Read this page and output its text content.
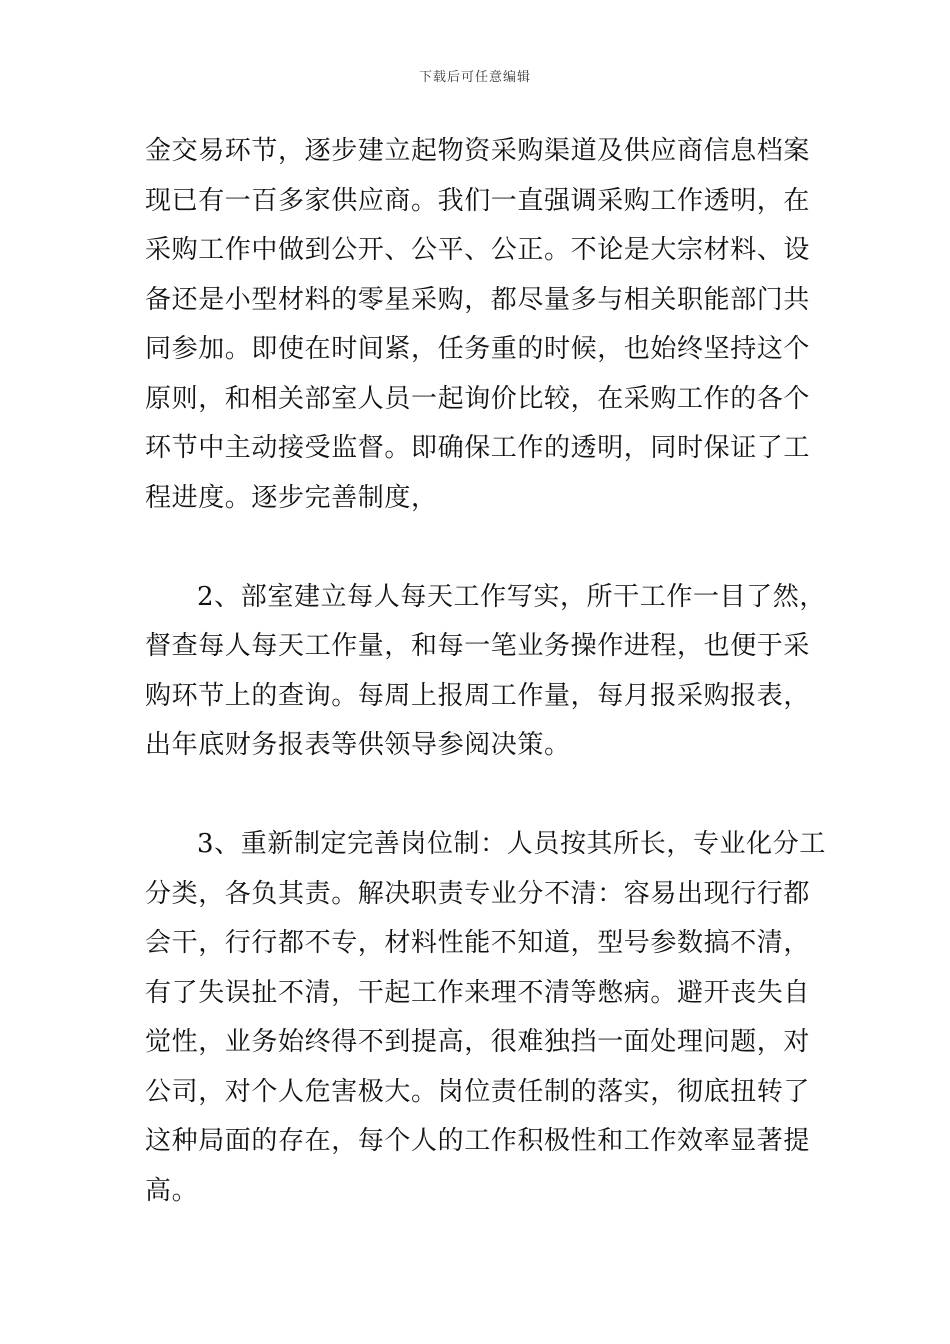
下载后可任意编辑
金交易环节，逐步建立起物资采购渠道及供应商信息档案
现已有一百多家供应商。我们一直强调采购工作透明，在
采购工作中做到公开、公平、公正。不论是大宗材料、设
备还是小型材料的零星采购，都尽量多与相关职能部门共
同参加。即使在时间紧，任务重的时候，也始终坚持这个
原则，和相关部室人员一起询价比较，在采购工作的各个
环节中主动接受监督。即确保工作的透明，同时保证了工
程进度。逐步完善制度，
2、部室建立每人每天工作写实，所干工作一目了然，
督查每人每天工作量，和每一笔业务操作进程，也便于采
购环节上的查询。每周上报周工作量，每月报采购报表，
出年底财务报表等供领导参阅决策。
3、重新制定完善岗位制：人员按其所长，专业化分工
分类，各负其责。解决职责专业分不清：容易出现行行都
会干，行行都不专，材料性能不知道，型号参数搞不清，
有了失误扯不清，干起工作来理不清等憋病。避开丧失自
觉性，业务始终得不到提高，很难独挡一面处理问题，对
公司，对个人危害极大。岗位责任制的落实，彻底扭转了
这种局面的存在，每个人的工作积极性和工作效率显著提
高。
